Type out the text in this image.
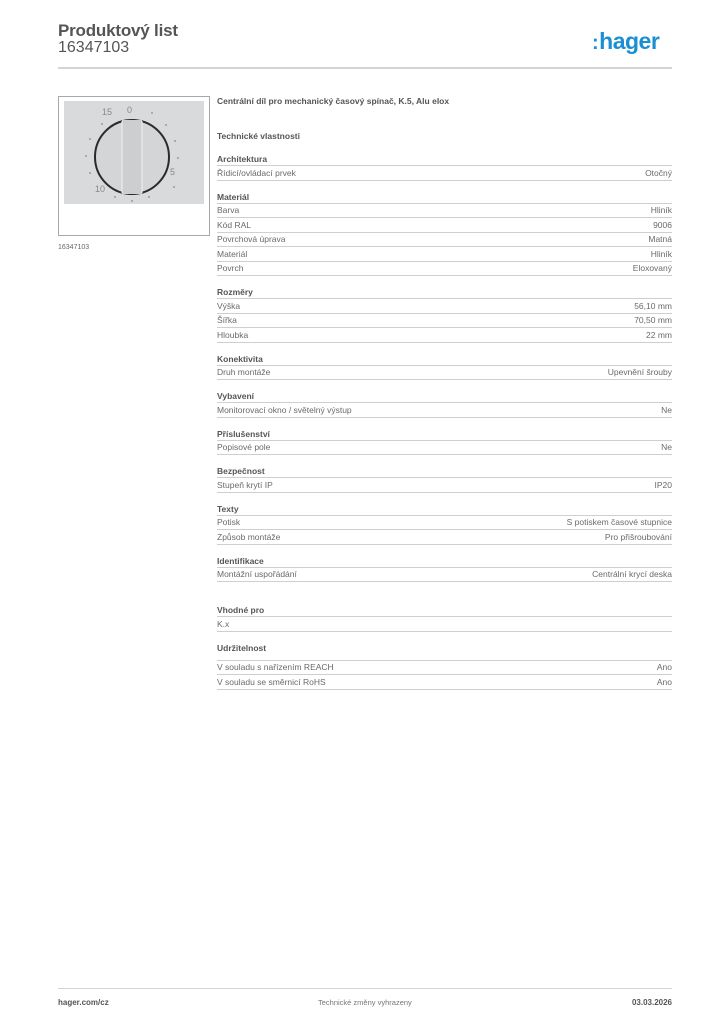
Produktový list
16347103	:hager
15 0
5
10
16347103
Centrální díl pro mechanický časový spínač, K.5, Alu elox
Technické vlastnosti
Architektura
Řídicí/ovládací prvek	Otočný
Materiál
Barva	Hliník
Kód RAL	9006
Povrchová úprava	Matná
Materiál	Hliník
Povrch	Eloxovaný
Rozměry
Výška	56,10 mm
Šířka	70,50 mm
Hloubka	22 mm
Konektivita
Druh montáže	Upevnění šrouby
Vybavení
Monitorovací okno / světelný výstup	Ne
Příslušenství
Popisové pole	Ne
Bezpečnost
Stupeň krytí IP	IP20
Texty
Potisk	S potiskem časové stupnice
Způsob montáže	Pro přišroubování
Identifikace
Montážní uspořádání	Centrální krycí deska
Vhodné pro
K.x
Udržitelnost
V souladu s nařízením REACH	Ano
V souladu se směrnicí RoHS	Ano
hager.com/cz	Technické změny vyhrazeny	03.03.2026
